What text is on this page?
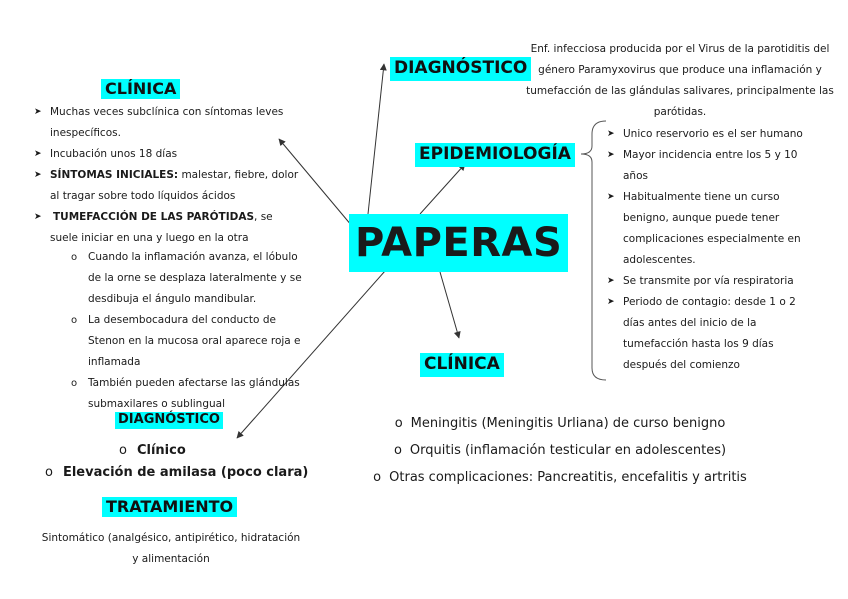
PAPERAS
CLÍNICA
➤ Muchas veces subclínica con síntomas leves inespecíficos.
➤ Incubación unos 18 días
➤ SÍNTOMAS INICIALES: malestar, fiebre, dolor al tragar sobre todo líquidos ácidos
➤ TUMEFACCIÓN DE LAS PARÓTIDAS, se suele iniciar en una y luego en la otra
o Cuando la inflamación avanza, el lóbulo de la orne se desplaza lateralmente y se desdibuja el ángulo mandibular.
o La desembocadura del conducto de Stenon en la mucosa oral aparece roja e inflamada
o También pueden afectarse las glándulas submaxilares o sublingual
DIAGNÓSTICO
o Clínico
o Elevación de amilasa (poco clara)
TRATAMIENTO
Sintomático (analgésico, antipirético, hidratación y alimentación
DIAGNÓSTICO
Enf. infecciosa producida por el Virus de la parotiditis del género Paramyxovirus que produce una inflamación y tumefacción de las glándulas salivares, principalmente las parótidas.
EPIDEMIOLOGÍA
➤ Unico reservorio es el ser humano
➤ Mayor incidencia entre los 5 y 10 años
➤ Habitualmente tiene un curso benigno, aunque puede tener complicaciones especialmente en adolescentes.
➤ Se transmite por vía respiratoria
➤ Periodo de contagio: desde 1 o 2 días antes del inicio de la tumefacción hasta los 9 días después del comienzo
CLÍNICA
o Meningitis (Meningitis Urliana) de curso benigno
o Orquitis (inflamación testicular en adolescentes)
o Otras complicaciones: Pancreatitis, encefalitis y artritis
